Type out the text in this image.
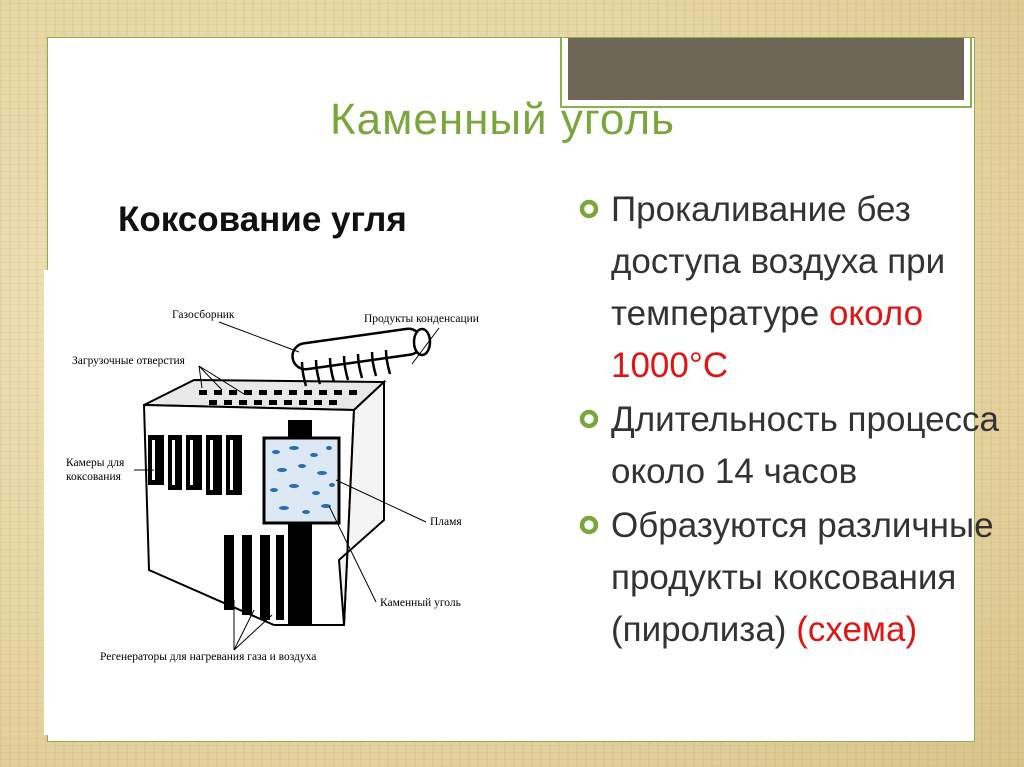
Каменный уголь
Коксование угля	Прокаливание без доступа воздуха при температуре около 1000°С
Длительность процесса около 14 часов
Образуются различные продукты коксования (пиролиза) (схема)
Газосборник	Продукты конденсации
Загрузочные отверстия
Камеры для
коксования
Пламя
Каменный уголь
Регенераторы для нагревания газа и воздуха
